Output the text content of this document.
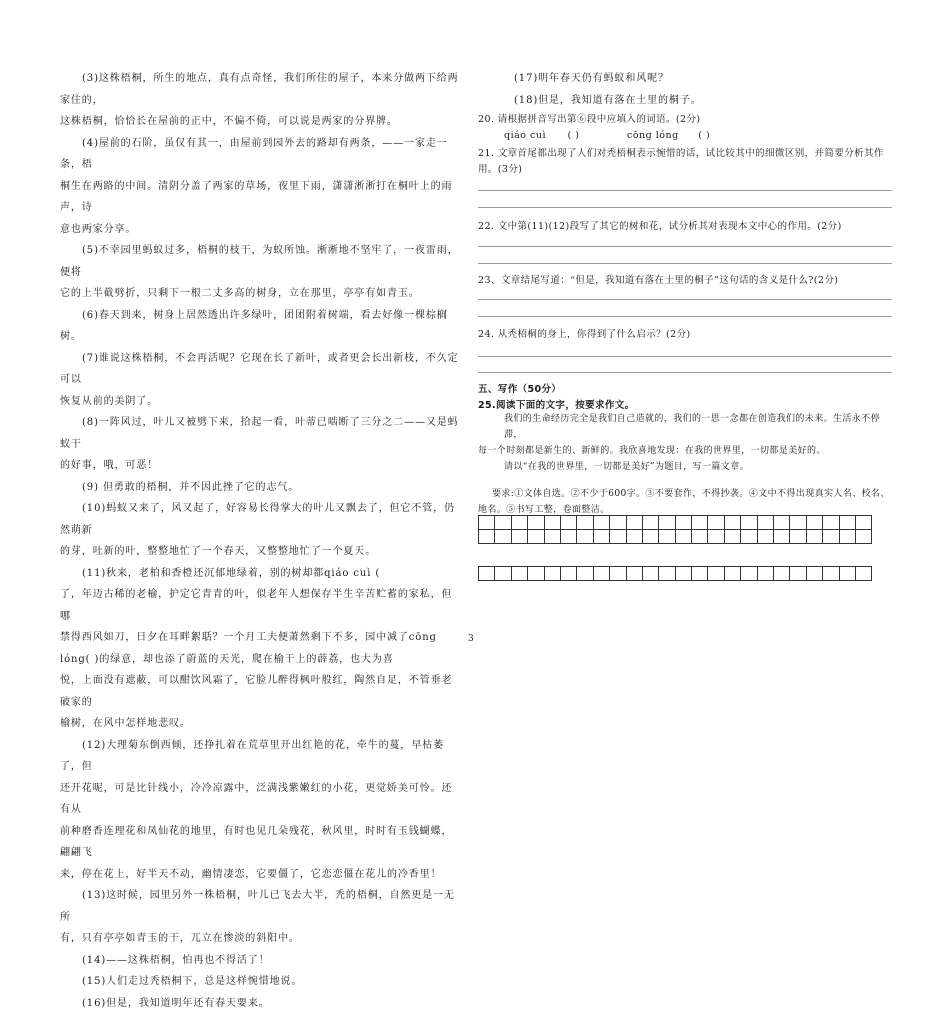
(3)这株梧桐，所生的地点，真有点奇怪，我们所住的屋子，本来分做两下给两家住的，

这株梧桐，恰恰长在屋前的正中，不偏不倚，可以说是两家的分界牌。

(4)屋前的石阶，虽仅有其一，由屋前到园外去的路却有两条，——一家走一条，梧

桐生在两路的中间。清阴分盖了两家的草场，夜里下雨，潇潇淅淅打在桐叶上的雨声，诗

意也两家分享。

(5)不幸园里蚂蚁过多，梧桐的枝干，为蚁所蚀。淅淅地不坚牢了，一夜雷雨，便将

它的上半截劈折，只剩下一根二丈多高的树身，立在那里，亭亭有如青玉。

(6)春天到来，树身上居然透出许多绿叶，团团附着树端，看去好像一棵棕榈树。

(7)谁说这株梧桐，不会再活呢？它现在长了新叶，或者更会长出新枝，不久定可以

恢复从前的美阴了。

(8)一阵风过，叶儿又被劈下来，拾起一看，叶蒂已啮断了三分之二——又是蚂蚁干

的好事，哦，可恶！

(9) 但勇敢的梧桐，并不因此挫了它的志气。

(10)蚂蚁又来了，风又起了，好容易长得掌大的叶儿又飘去了，但它不管，仍然萌新

的芽，吐新的叶，整整地忙了一个春天，又整整地忙了一个夏天。

(11)秋来，老柏和香橙还沉郁地绿着，别的树却都qiáo cuì (

了，年迈古稀的老榆，护定它青青的叶，似老年人想保存半生辛苦贮蓄的家私，但哪

禁得西风如刀，日夕在耳畔絮聒？一个月工夫便萧然剩下不多，园中减了cōng

lóng( )的绿意，却也添了蔚蓝的天光，爬在榆干上的薜荔，也大为喜

悦，上面没有遮蔽，可以酣饮风霜了，它脸儿醉得枫叶般红，陶然自足，不管垂老破家的

榆树，在风中怎样地悲叹。

(12)大理菊东倒西倾，还挣扎着在荒草里开出红艳的花，牵牛的蔓，早枯萎了，但

还开花呢，可是比针线小，冷冷凉露中，泛满浅紫嫩红的小花，更觉娇美可怜。还有从

前种磨香连理花和凤仙花的地里，有时也见几朵残花，秋风里，时时有玉钱蝴蝶，翩翩飞

来，停在花上，好半天不动，幽情凄恋，它要僵了，它恋恋僵在花儿的冷香里！

(13)这时候，园里另外一株梧桐，叶儿已飞去大半，秃的梧桐，自然更是一无所

有，只有亭亭如青玉的干，兀立在惨淡的斜阳中。

(14)——这株梧桐，怕再也不得活了！

(15)人们走过秃梧桐下，总是这样惋惜地说。

(16)但是，我知道明年还有春天要来。

(17)明年春天仍有蚂蚁和风呢？

(18)但是，我知道有落在土里的桐子。

20. 请根据拼音写出第⑥段中应填入的词语。(2分)

qiáo cuì ( )	cōng lóng ( )

21. 文章首尾都出现了人们对秃梧桐表示惋惜的话，试比较其中的细微区别，并简要分析其作用。(3分)

22. 文中第(11)(12)段写了其它的树和花，试分析其对表现本文中心的作用。(2分)

23、文章结尾写道：“但是，我知道有落在土里的桐子”这句话的含义是什么?(2分)

24. 从秃梧桐的身上，你得到了什么启示？(2分)

五、写作（50分）

25.阅读下面的文字，按要求作文。

我们的生命经历完全是我们自己造就的，我们的一思一念都在创造我们的未来。生活永不停滞，

每一个时刻都是新生的、新鲜的。我欣喜地发现：在我的世界里，一切都是美好的。

请以“在我的世界里，一切都是美好”为题目，写一篇文章。

要求:①文体自选。②不少于600字。③不要套作，不得抄袭。④文中不得出现真实人名、校名、

地名。⑤书写工整，卷面整洁。

3
